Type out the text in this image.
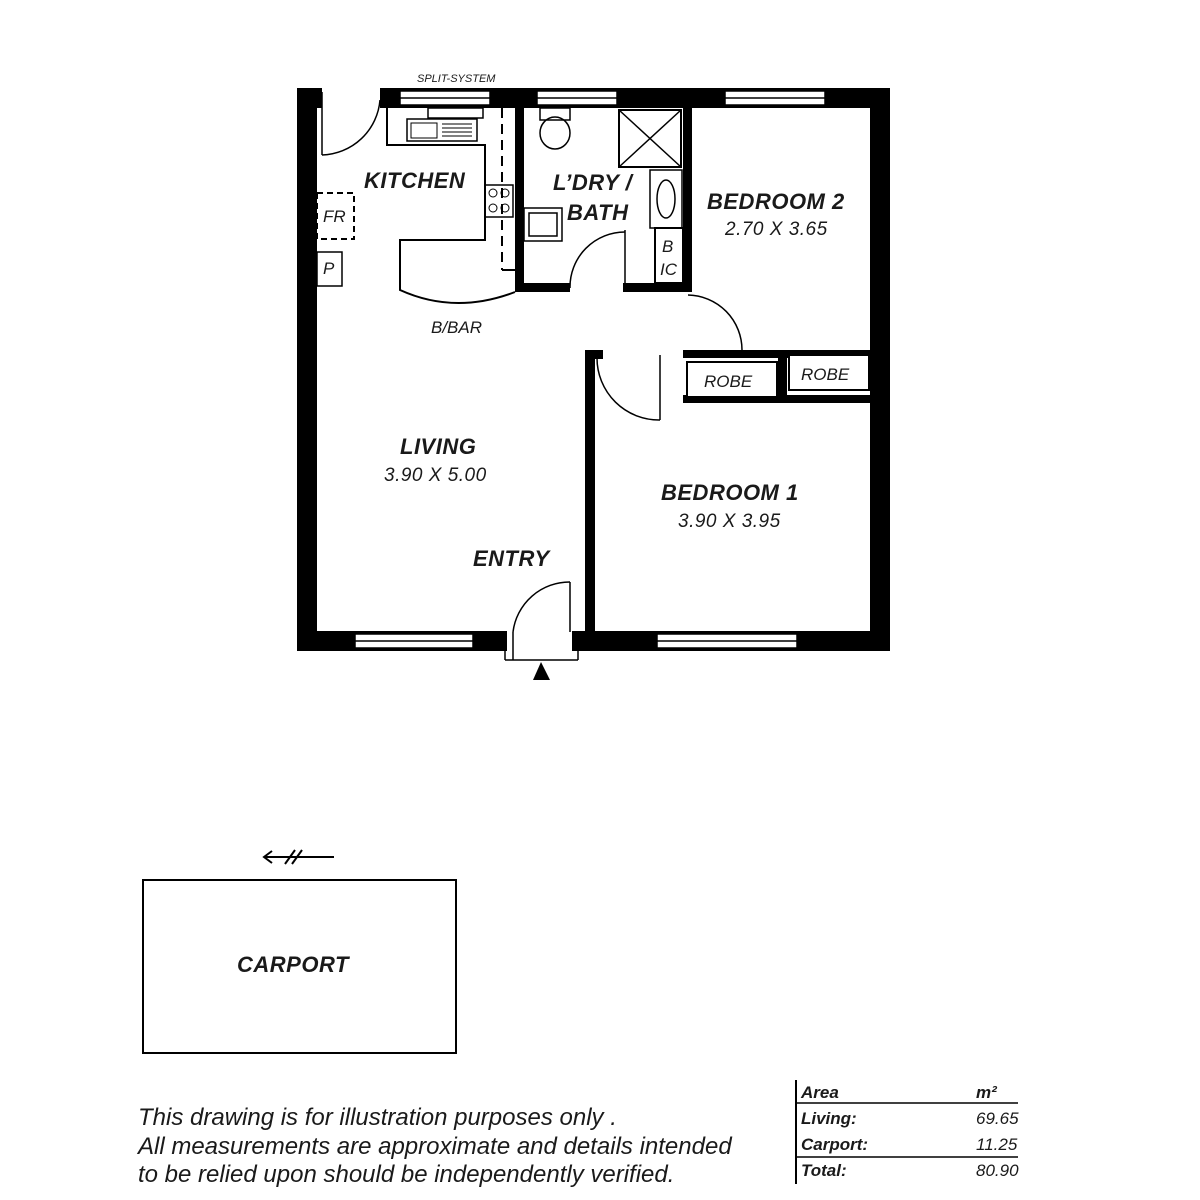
SPLIT-SYSTEM
KITCHEN
FR
P
B/BAR
L’DRY /
BATH
B
IC
BEDROOM 2
2.70 X 3.65
ROBE	ROBE
LIVING
3.90 X 5.00
BEDROOM 1
3.90 X 3.95
ENTRY
CARPORT
This drawing is for illustration purposes only .
All measurements are approximate and details intended
to be relied upon should be independently verified.
Area	m²
Living:	69.65
Carport:	11.25
Total:	80.90
